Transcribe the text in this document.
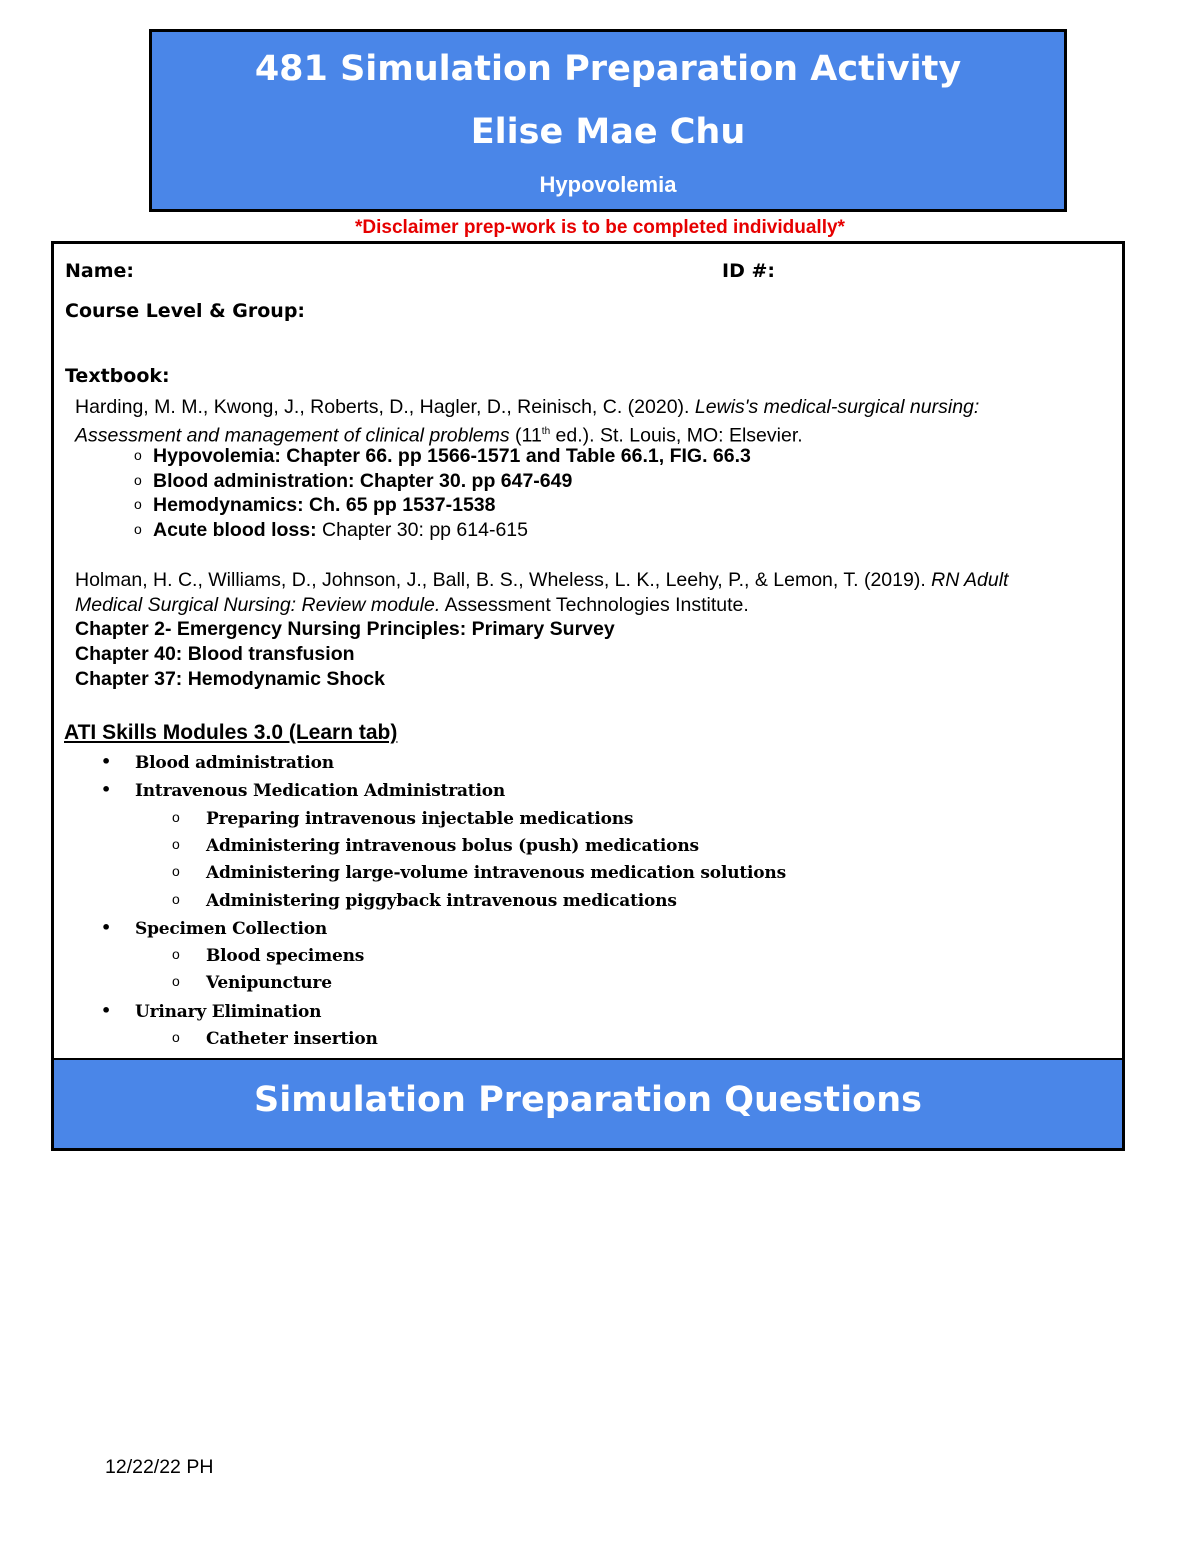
481 Simulation Preparation Activity
Elise Mae Chu
Hypovolemia
*Disclaimer prep-work is to be completed individually*
Name:	ID #:
Course Level & Group:
Textbook:
Harding, M. M., Kwong, J., Roberts, D., Hagler, D., Reinisch, C. (2020). Lewis's medical-surgical nursing:
Assessment and management of clinical problems (11th ed.). St. Louis, MO: Elsevier.
o Hypovolemia: Chapter 66. pp 1566-1571 and Table 66.1, FIG. 66.3
o Blood administration: Chapter 30. pp 647-649
o Hemodynamics: Ch. 65 pp 1537-1538
o Acute blood loss: Chapter 30: pp 614-615
Holman, H. C., Williams, D., Johnson, J., Ball, B. S., Wheless, L. K., Leehy, P., & Lemon, T. (2019). RN Adult
Medical Surgical Nursing: Review module. Assessment Technologies Institute.
Chapter 2- Emergency Nursing Principles: Primary Survey
Chapter 40: Blood transfusion
Chapter 37: Hemodynamic Shock
ATI Skills Modules 3.0 (Learn tab)
• Blood administration
• Intravenous Medication Administration
o Preparing intravenous injectable medications
o Administering intravenous bolus (push) medications
o Administering large-volume intravenous medication solutions
o Administering piggyback intravenous medications
• Specimen Collection
o Blood specimens
o Venipuncture
• Urinary Elimination
o Catheter insertion
Simulation Preparation Questions
12/22/22 PH
